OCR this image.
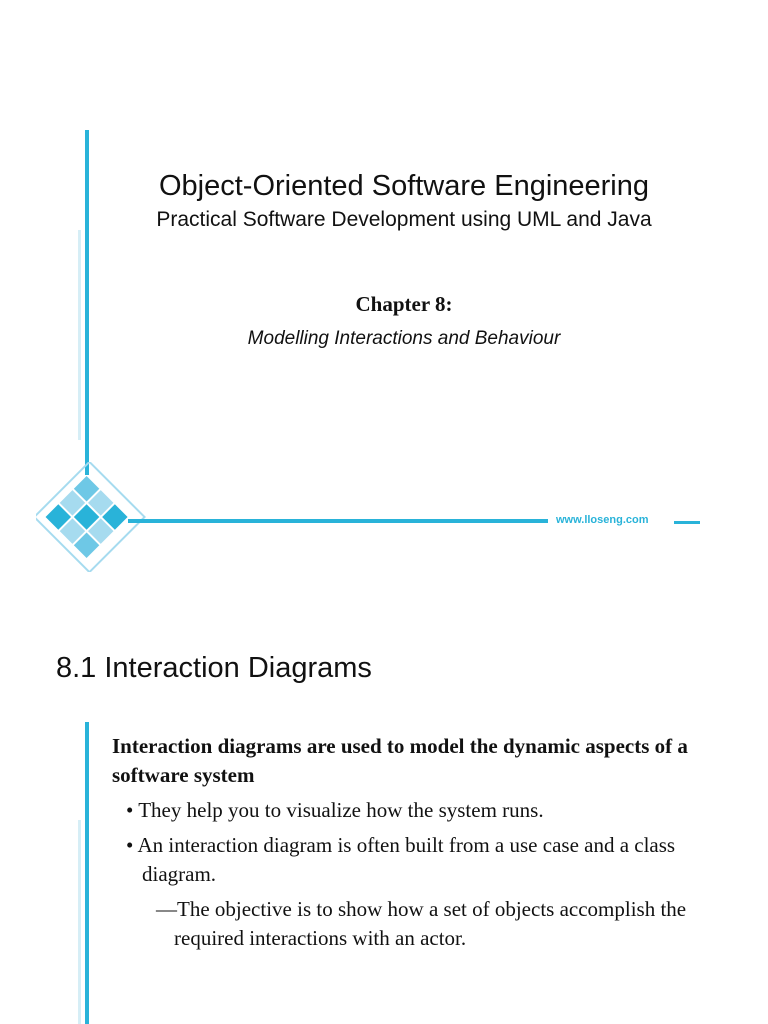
Object-Oriented Software Engineering
Practical Software Development using UML and Java
Chapter 8:
Modelling Interactions and Behaviour
www.lloseng.com
8.1 Interaction Diagrams
Interaction diagrams are used to model the dynamic aspects of a software system
• They help you to visualize how the system runs.
• An interaction diagram is often built from a use case and a class diagram.
—The objective is to show how a set of objects accomplish the required interactions with an actor.
